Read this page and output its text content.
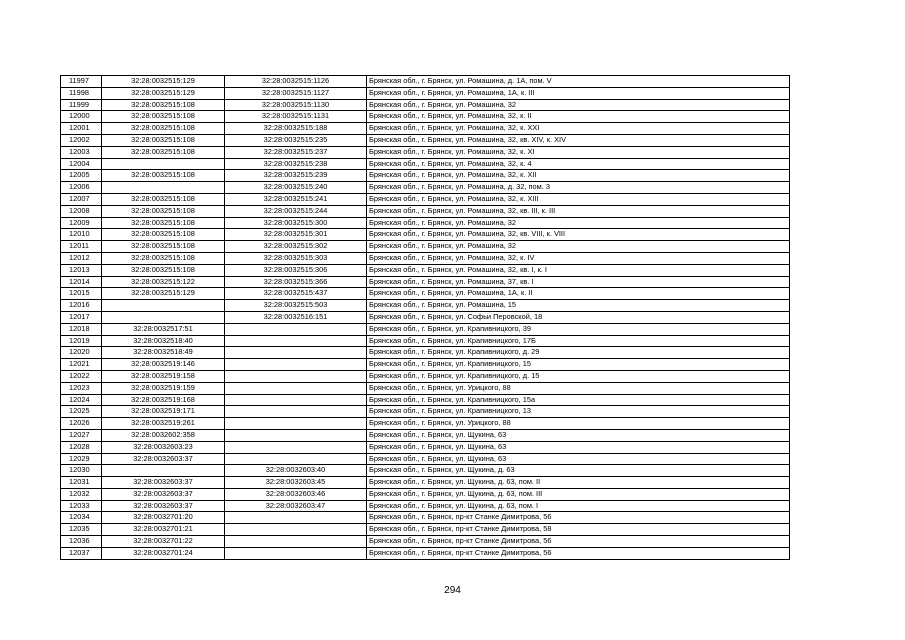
11997	32:28:0032515:129	32:28:0032515:1126	Брянская обл., г. Брянск, ул. Ромашина, д. 1А, пом. V
11998	32:28:0032515:129	32:28:0032515:1127	Брянская обл., г. Брянск, ул. Ромашина, 1А, к. III
11999	32:28:0032515:108	32:28:0032515:1130	Брянская обл., г. Брянск, ул. Ромашина, 32
12000	32:28:0032515:108	32:28:0032515:1131	Брянская обл., г. Брянск, ул. Ромашина, 32, к. II
12001	32:28:0032515:108	32:28:0032515:188	Брянская обл., г. Брянск, ул. Ромашина, 32, к. XXI
12002	32:28:0032515:108	32:28:0032515:235	Брянская обл., г. Брянск, ул. Ромашина, 32, кв. XIV, к. XIV
12003	32:28:0032515:108	32:28:0032515:237	Брянская обл., г. Брянск, ул. Ромашина, 32, к. XI
12004		32:28:0032515:238	Брянская обл., г. Брянск, ул. Ромашина, 32, к. 4
12005	32:28:0032515:108	32:28:0032515:239	Брянская обл., г. Брянск, ул. Ромашина, 32, к. XII
12006		32:28:0032515:240	Брянская обл., г. Брянск, ул. Ромашина, д. 32, пом. 3
12007	32:28:0032515:108	32:28:0032515:241	Брянская обл., г. Брянск, ул. Ромашина, 32, к. XIII
12008	32:28:0032515:108	32:28:0032515:244	Брянская обл., г. Брянск, ул. Ромашина, 32, кв. III, к. III
12009	32:28:0032515:108	32:28:0032515:300	Брянская обл., г. Брянск, ул. Ромашина, 32
12010	32:28:0032515:108	32:28:0032515:301	Брянская обл., г. Брянск, ул. Ромашина, 32, кв. VIII, к. VIII
12011	32:28:0032515:108	32:28:0032515:302	Брянская обл., г. Брянск, ул. Ромашина, 32
12012	32:28:0032515:108	32:28:0032515:303	Брянская обл., г. Брянск, ул. Ромашина, 32, к. IV
12013	32:28:0032515:108	32:28:0032515:306	Брянская обл., г. Брянск, ул. Ромашина, 32, кв. I, к. I
12014	32:28:0032515:122	32:28:0032515:366	Брянская обл., г. Брянск, ул. Ромашина, 37, кв. I
12015	32:28:0032515:129	32:28:0032515:437	Брянская обл., г. Брянск, ул. Ромашина, 1А, к. II
12016		32:28:0032515:503	Брянская обл., г. Брянск, ул. Ромашина, 15
12017		32:28:0032516:151	Брянская обл., г. Брянск, ул. Софьи Перовской, 18
12018	32:28:0032517:51		Брянская обл., г. Брянск, ул. Крапивницкого, 39
12019	32:28:0032518:40		Брянская обл., г. Брянск, ул. Крапивницкого, 17Б
12020	32:28:0032518:49		Брянская обл., г. Брянск, ул. Крапивницкого, д. 29
12021	32:28:0032519:146		Брянская обл., г. Брянск, ул. Крапивницкого, 15
12022	32:28:0032519:158		Брянская обл., г. Брянск, ул. Крапивницкого, д. 15
12023	32:28:0032519:159		Брянская обл., г. Брянск, ул. Урицкого, 88
12024	32:28:0032519:168		Брянская обл., г. Брянск, ул. Крапивницкого, 15а
12025	32:28:0032519:171		Брянская обл., г. Брянск, ул. Крапивницкого, 13
12026	32:28:0032519:261		Брянская обл., г. Брянск, ул. Урицкого, 88
12027	32:28:0032602:358		Брянская обл., г. Брянск, ул. Щукина, 63
12028	32:28:0032603:23		Брянская обл., г. Брянск, ул. Щукина, 63
12029	32:28:0032603:37		Брянская обл., г. Брянск, ул. Щукина, 63
12030		32:28:0032603:40	Брянская обл., г. Брянск, ул. Щукина, д. 63
12031	32:28:0032603:37	32:28:0032603:45	Брянская обл., г. Брянск, ул. Щукина, д. 63, пом. II
12032	32:28:0032603:37	32:28:0032603:46	Брянская обл., г. Брянск, ул. Щукина, д. 63, пом. III
12033	32:28:0032603:37	32:28:0032603:47	Брянская обл., г. Брянск, ул. Щукина, д. 63, пом. I
12034	32:28:0032701:20		Брянская обл., г. Брянск, пр-кт Станке Димитрова, 56
12035	32:28:0032701:21		Брянская обл., г. Брянск, пр-кт Станке Димитрова, 58
12036	32:28:0032701:22		Брянская обл., г. Брянск, пр-кт Станке Димитрова, 56
12037	32:28:0032701:24		Брянская обл., г. Брянск, пр-кт Станке Димитрова, 56
294
